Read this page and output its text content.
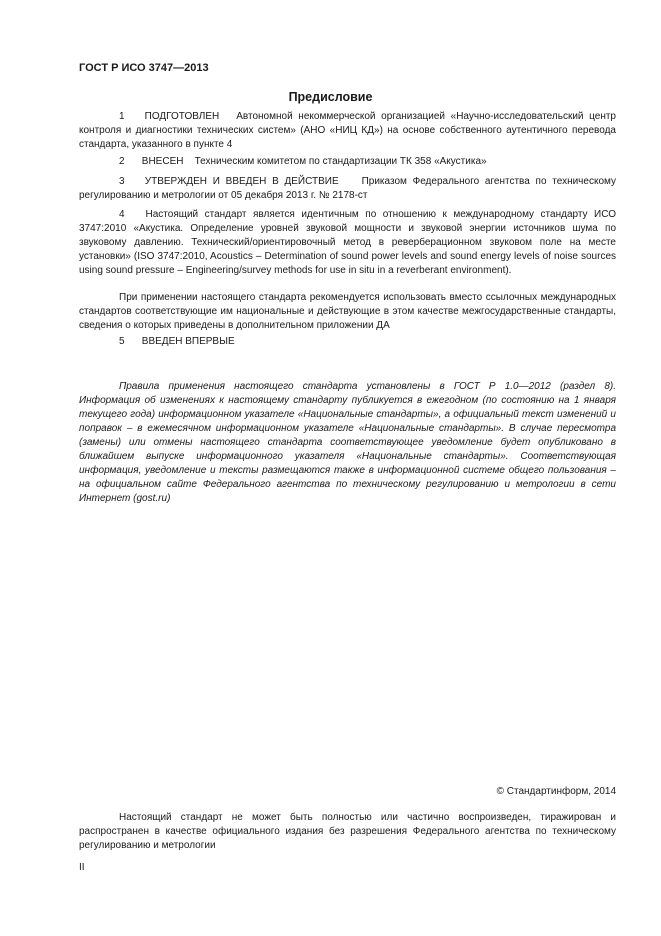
ГОСТ Р ИСО 3747—2013
Предисловие
1 ПОДГОТОВЛЕН Автономной некоммерческой организацией «Научно-исследовательский центр контроля и диагностики технических систем» (АНО «НИЦ КД») на основе собственного аутентичного перевода стандарта, указанного в пункте 4
2 ВНЕСЕН Техническим комитетом по стандартизации ТК 358 «Акустика»
3 УТВЕРЖДЕН И ВВЕДЕН В ДЕЙСТВИЕ Приказом Федерального агентства по техническому регулированию и метрологии от 05 декабря 2013 г. № 2178-ст
4 Настоящий стандарт является идентичным по отношению к международному стандарту ИСО 3747:2010 «Акустика. Определение уровней звуковой мощности и звуковой энергии источников шума по звуковому давлению. Технический/ориентировочный метод в реверберационном звуковом поле на месте установки» (ISO 3747:2010, Acoustics – Determination of sound power levels and sound energy levels of noise sources using sound pressure – Engineering/survey methods for use in situ in a reverberant environment).
При применении настоящего стандарта рекомендуется использовать вместо ссылочных международных стандартов соответствующие им национальные и действующие в этом качестве межгосударственные стандарты, сведения о которых приведены в дополнительном приложении ДА
5 ВВЕДЕН ВПЕРВЫЕ
Правила применения настоящего стандарта установлены в ГОСТ Р 1.0—2012 (раздел 8). Информация об изменениях к настоящему стандарту публикуется в ежегодном (по состоянию на 1 января текущего года) информационном указателе «Национальные стандарты», а официальный текст изменений и поправок – в ежемесячном информационном указателе «Национальные стандарты». В случае пересмотра (замены) или отмены настоящего стандарта соответствующее уведомление будет опубликовано в ближайшем выпуске информационного указателя «Национальные стандарты». Соответствующая информация, уведомление и тексты размещаются также в информационной системе общего пользования – на официальном сайте Федерального агентства по техническому регулированию и метрологии в сети Интернет (gost.ru)
© Стандартинформ, 2014
Настоящий стандарт не может быть полностью или частично воспроизведен, тиражирован и распространен в качестве официального издания без разрешения Федерального агентства по техническому регулированию и метрологии
II
